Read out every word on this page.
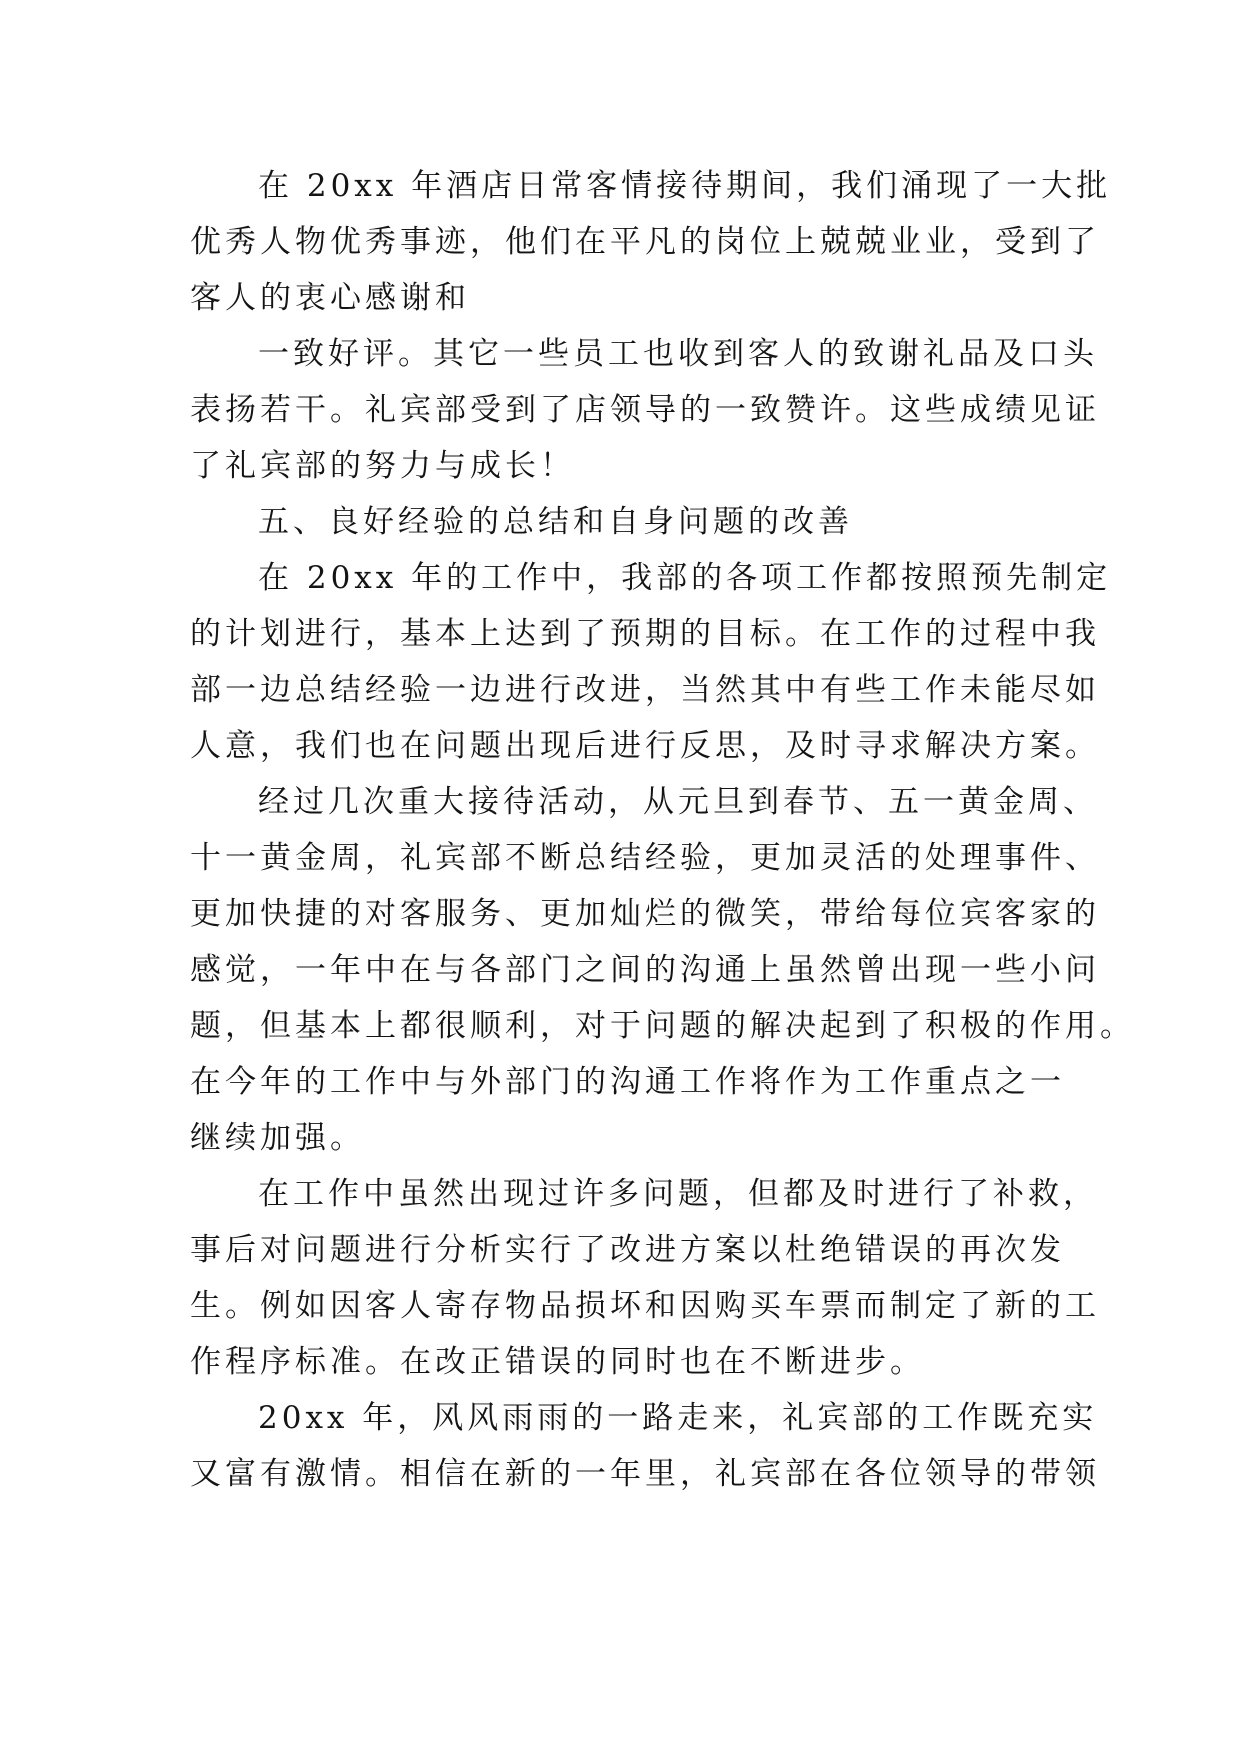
在 20xx 年酒店日常客情接待期间，我们涌现了一大批
优秀人物优秀事迹，他们在平凡的岗位上兢兢业业，受到了
客人的衷心感谢和
一致好评。其它一些员工也收到客人的致谢礼品及口头
表扬若干。礼宾部受到了店领导的一致赞许。这些成绩见证
了礼宾部的努力与成长！
五、良好经验的总结和自身问题的改善
在 20xx 年的工作中，我部的各项工作都按照预先制定
的计划进行，基本上达到了预期的目标。在工作的过程中我
部一边总结经验一边进行改进，当然其中有些工作未能尽如
人意，我们也在问题出现后进行反思，及时寻求解决方案。
经过几次重大接待活动，从元旦到春节、五一黄金周、
十一黄金周，礼宾部不断总结经验，更加灵活的处理事件、
更加快捷的对客服务、更加灿烂的微笑，带给每位宾客家的
感觉，一年中在与各部门之间的沟通上虽然曾出现一些小问
题，但基本上都很顺利，对于问题的解决起到了积极的作用。
在今年的工作中与外部门的沟通工作将作为工作重点之一
继续加强。
在工作中虽然出现过许多问题，但都及时进行了补救，
事后对问题进行分析实行了改进方案以杜绝错误的再次发
生。例如因客人寄存物品损坏和因购买车票而制定了新的工
作程序标准。在改正错误的同时也在不断进步。
20xx 年，风风雨雨的一路走来，礼宾部的工作既充实
又富有激情。相信在新的一年里，礼宾部在各位领导的带领
